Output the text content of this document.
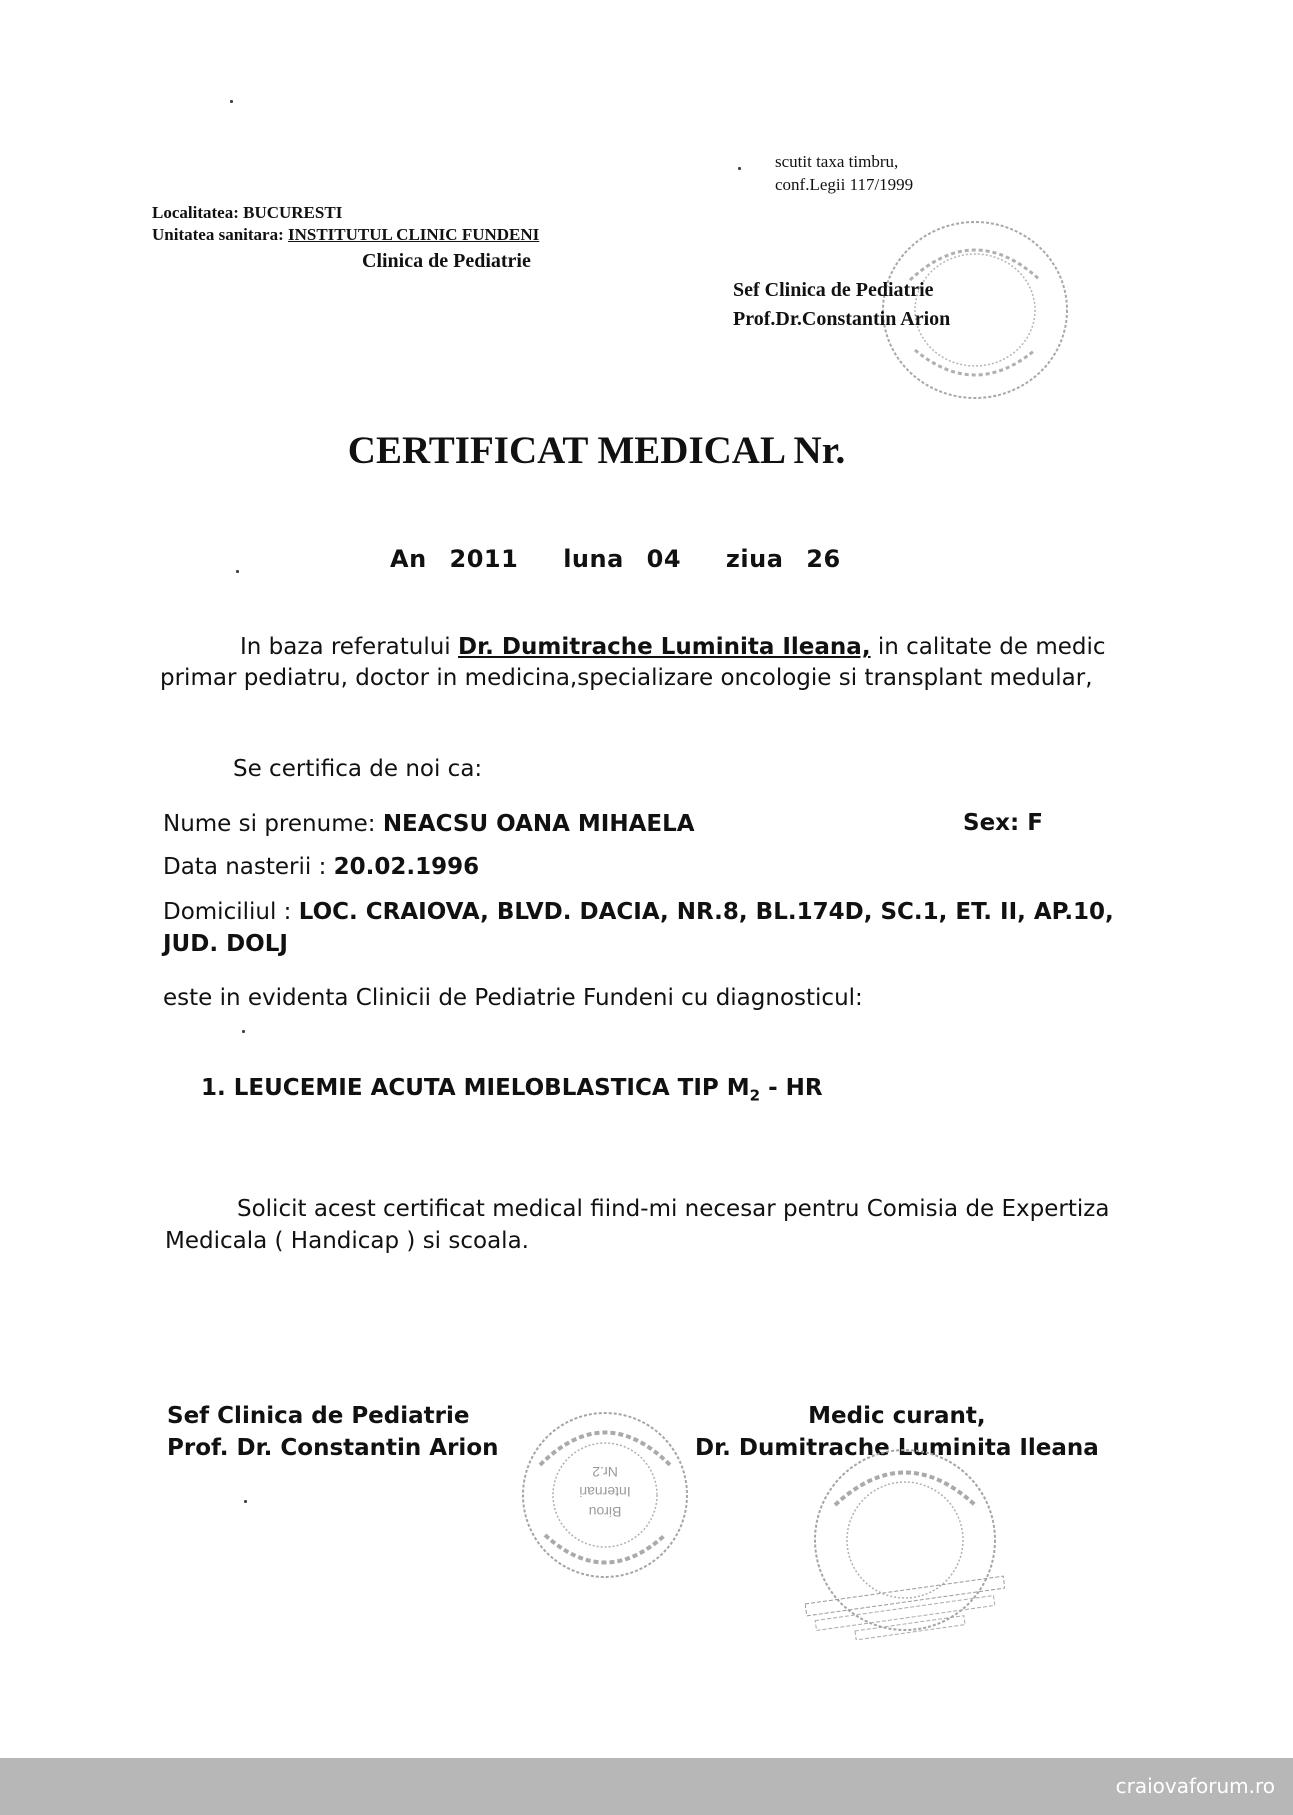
scutit taxa timbru,
conf.Legii 117/1999
Localitatea: BUCURESTI
Unitatea sanitara: INSTITUTUL CLINIC FUNDENI
Clinica de Pediatrie
Sef Clinica de Pediatrie
Prof.Dr.Constantin Arion
CERTIFICAT MEDICAL Nr.
An 2011 luna 04 ziua 26
In baza referatului Dr. Dumitrache Luminita Ileana, in calitate de medic primar pediatru, doctor in medicina,specializare oncologie si transplant medular,
Se certifica de noi ca:
Nume si prenume: NEACSU OANA MIHAELA	Sex: F
Data nasterii : 20.02.1996
Domiciliul : LOC. CRAIOVA, BLVD. DACIA, NR.8, BL.174D, SC.1, ET. II, AP.10, JUD. DOLJ
este in evidenta Clinicii de Pediatrie Fundeni cu diagnosticul:
1. LEUCEMIE ACUTA MIELOBLASTICA TIP $M_2$ - HR
Solicit acest certificat medical fiind-mi necesar pentru Comisia de Expertiza Medicala ( Handicap ) si scoala.
Sef Clinica de Pediatrie
Prof. Dr. Constantin Arion
Birou
Internari
Nr.2
Medic curant,
Dr. Dumitrache Luminita Ileana
craiovaforum.ro
